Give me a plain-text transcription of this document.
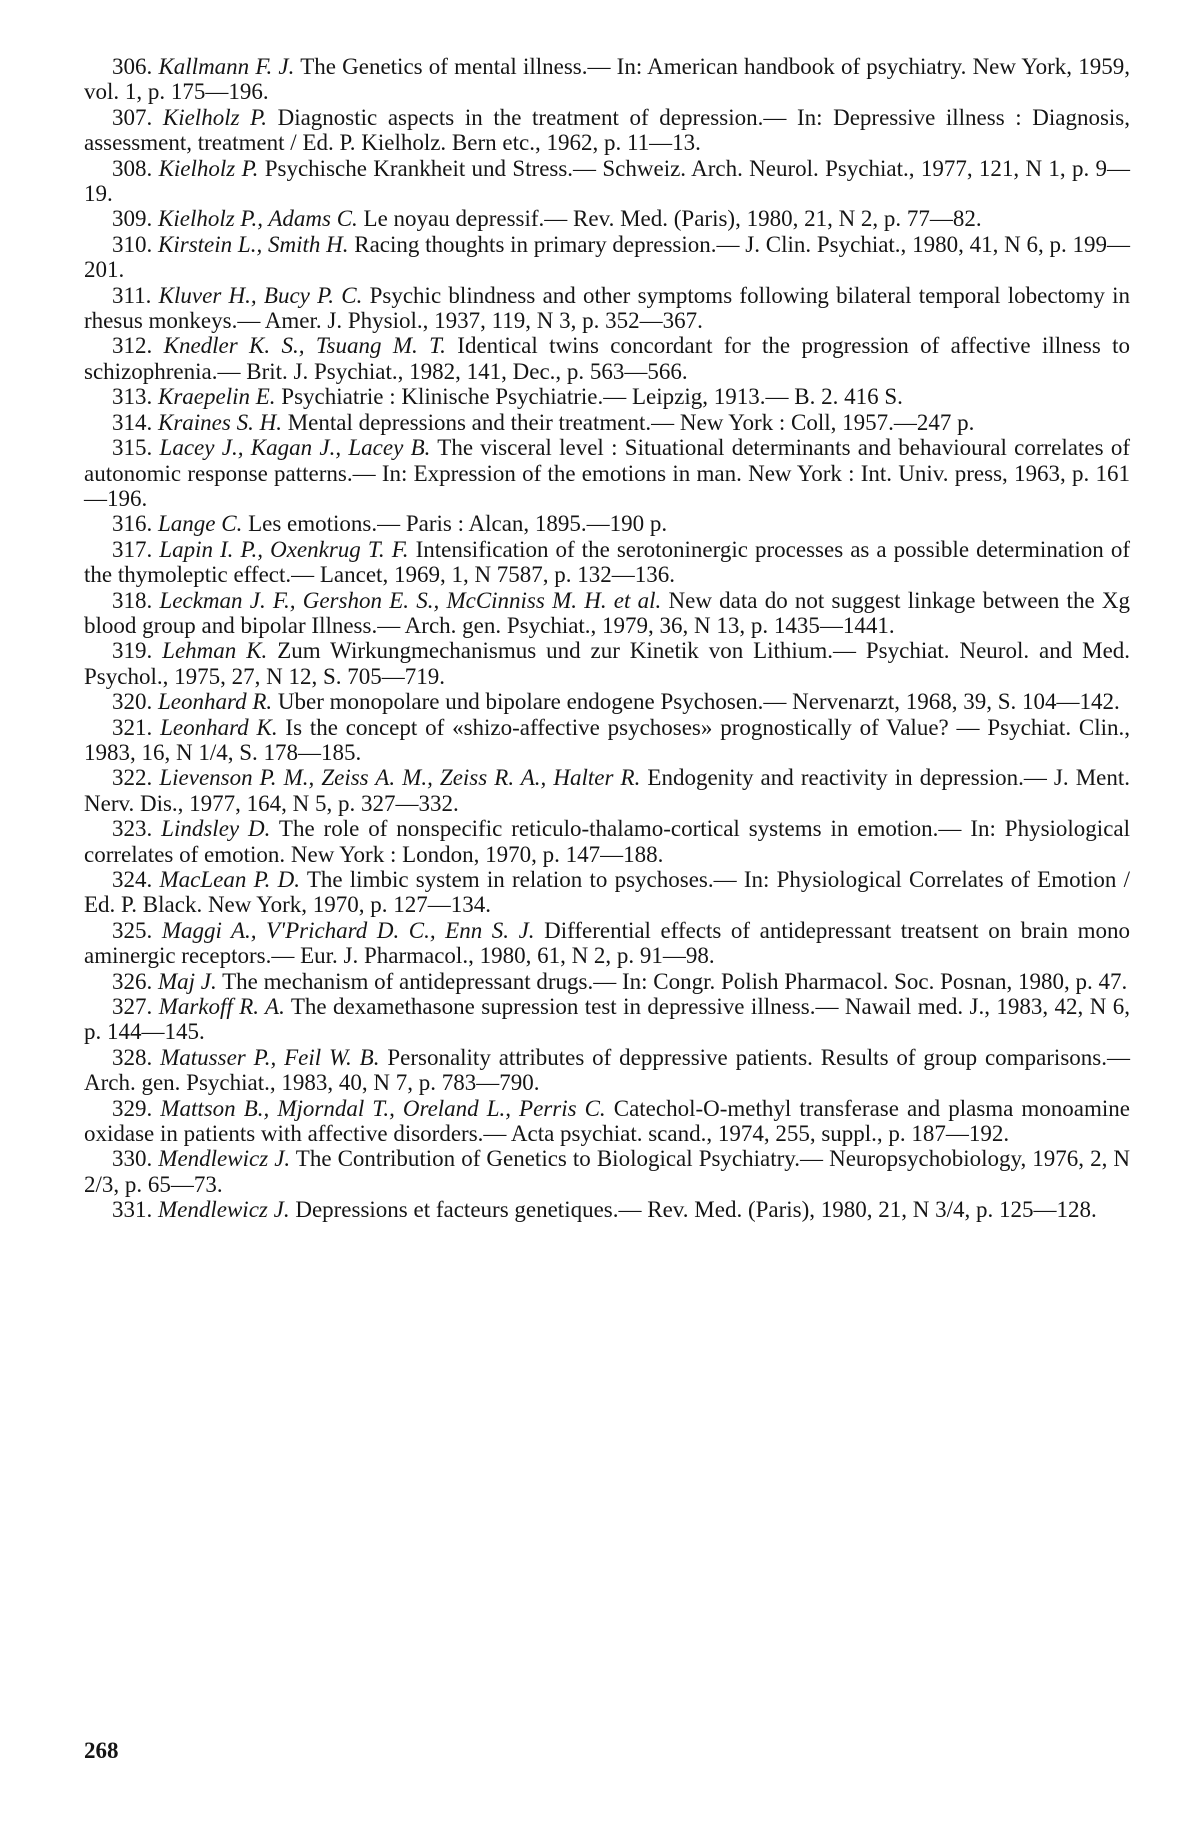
306. Kallmann F. J. The Genetics of mental illness.— In: American handbook of psychiatry. New York, 1959, vol. 1, p. 175—196.

307. Kielholz P. Diagnostic aspects in the treatment of depression.— In: Depressive illness : Diagnosis, assessment, treatment / Ed. P. Kielholz. Bern etc., 1962, p. 11—13.

308. Kielholz P. Psychische Krankheit und Stress.— Schweiz. Arch. Neurol. Psychiat., 1977, 121, N 1, p. 9—19.

309. Kielholz P., Adams C. Le noyau depressif.— Rev. Med. (Paris), 1980, 21, N 2, p. 77—82.

310. Kirstein L., Smith H. Racing thoughts in primary depression.— J. Clin. Psychiat., 1980, 41, N 6, p. 199—201.

311. Kluver H., Bucy P. C. Psychic blindness and other symptoms following bilateral temporal lobectomy in rhesus monkeys.— Amer. J. Physiol., 1937, 119, N 3, p. 352—367.

312. Knedler K. S., Tsuang M. T. Identical twins concordant for the progression of affective illness to schizophrenia.— Brit. J. Psychiat., 1982, 141, Dec., p. 563—566.

313. Kraepelin E. Psychiatrie : Klinische Psychiatrie.— Leipzig, 1913.— B. 2. 416 S.

314. Kraines S. H. Mental depressions and their treatment.— New York : Coll, 1957.—247 p.

315. Lacey J., Kagan J., Lacey B. The visceral level : Situational determinants and behavioural correlates of autonomic response patterns.— In: Expression of the emotions in man. New York : Int. Univ. press, 1963, p. 161—196.

316. Lange C. Les emotions.— Paris : Alcan, 1895.—190 p.

317. Lapin I. P., Oxenkrug T. F. Intensification of the serotoninergic processes as a possible determination of the thymoleptic effect.— Lancet, 1969, 1, N 7587, p. 132—136.

318. Leckman J. F., Gershon E. S., McCinniss M. H. et al. New data do not suggest linkage between the Xg blood group and bipolar Illness.— Arch. gen. Psychiat., 1979, 36, N 13, p. 1435—1441.

319. Lehman K. Zum Wirkungmechanismus und zur Kinetik von Lithium.— Psychiat. Neurol. and Med. Psychol., 1975, 27, N 12, S. 705—719.

320. Leonhard R. Uber monopolare und bipolare endogene Psychosen.— Nervenarzt, 1968, 39, S. 104—142.

321. Leonhard K. Is the concept of «shizo-affective psychoses» prognostically of Value? — Psychiat. Clin., 1983, 16, N 1/4, S. 178—185.

322. Lievenson P. M., Zeiss A. M., Zeiss R. A., Halter R. Endogenity and reactivity in depression.— J. Ment. Nerv. Dis., 1977, 164, N 5, p. 327—332.

323. Lindsley D. The role of nonspecific reticulo-thalamo-cortical systems in emotion.— In: Physiological correlates of emotion. New York : London, 1970, p. 147—188.

324. MacLean P. D. The limbic system in relation to psychoses.— In: Physiological Correlates of Emotion / Ed. P. Black. New York, 1970, p. 127—134.

325. Maggi A., V'Prichard D. C., Enn S. J. Differential effects of antidepressant treatsent on brain mono aminergic receptors.— Eur. J. Pharmacol., 1980, 61, N 2, p. 91—98.

326. Maj J. The mechanism of antidepressant drugs.— In: Congr. Polish Pharmacol. Soc. Posnan, 1980, p. 47.

327. Markoff R. A. The dexamethasone supression test in depressive illness.— Nawail med. J., 1983, 42, N 6, p. 144—145.

328. Matusser P., Feil W. B. Personality attributes of deppressive patients. Results of group comparisons.— Arch. gen. Psychiat., 1983, 40, N 7, p. 783—790.

329. Mattson B., Mjorndal T., Oreland L., Perris C. Catechol-O-methyl transferase and plasma monoamine oxidase in patients with affective disorders.— Acta psychiat. scand., 1974, 255, suppl., p. 187—192.

330. Mendlewicz J. The Contribution of Genetics to Biological Psychiatry.— Neuropsychobiology, 1976, 2, N 2/3, p. 65—73.

331. Mendlewicz J. Depressions et facteurs genetiques.— Rev. Med. (Paris), 1980, 21, N 3/4, p. 125—128.

268
